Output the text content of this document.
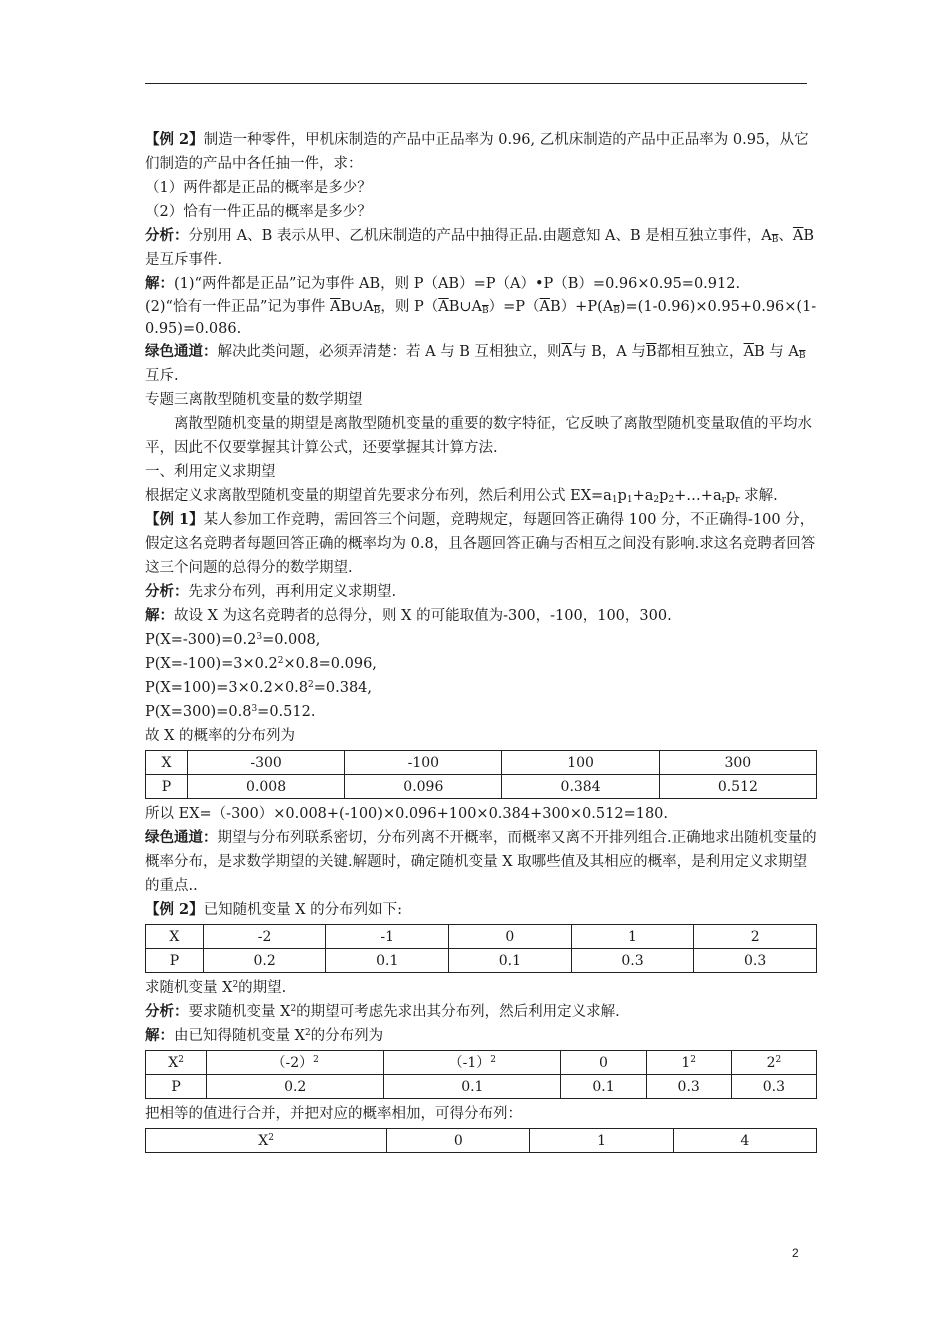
【例 2】制造一种零件，甲机床制造的产品中正品率为 0.96, 乙机床制造的产品中正品率为 0.95，从它们制造的产品中各任抽一件，求：

（1）两件都是正品的概率是多少？

（2）恰有一件正品的概率是多少？

分析：分别用 A、B 表示从甲、乙机床制造的产品中抽得正品.由题意知 A、B 是相互独立事件，$A_{\overline{B}}$、$\overline{A}B$ 是互斥事件.

解：(1)“两件都是正品”记为事件 AB，则 P（AB）=P（A）•P（B）=0.96×0.95=0.912.

(2)“恰有一件正品”记为事件 $\overline{A}B\cup A_{\overline{B}}$，则 $P(\overline{A}B\cup A_{\overline{B}})=P(\overline{A}B)+P(A_{\overline{B}})=(1-0.96)\times 0.95+0.96\times(1-0.95)=0.086$.

绿色通道：解决此类问题，必须弄清楚：若 A 与 B 互相独立，则$\overline{A}$与 B，A 与$\overline{B}$都相互独立，$\overline{A}B$ 与 $A_{\overline{B}}$互斥.

专题三离散型随机变量的数学期望

离散型随机变量的期望是离散型随机变量的重要的数字特征，它反映了离散型随机变量取值的平均水平，因此不仅要掌握其计算公式，还要掌握其计算方法.

一、利用定义求期望

根据定义求离散型随机变量的期望首先要求分布列，然后利用公式 $EX=a_1p_1+a_2p_2+\dots+a_rp_r$ 求解.

【例 1】某人参加工作竞聘，需回答三个问题，竞聘规定，每题回答正确得 100 分，不正确得-100 分，假定这名竞聘者每题回答正确的概率均为 0.8，且各题回答正确与否相互之间没有影响.求这名竞聘者回答这三个问题的总得分的数学期望.

分析：先求分布列，再利用定义求期望.

解：故设 X 为这名竞聘者的总得分，则 X 的可能取值为-300，-100，100，300.

$P(X=-300)=0.2^3=0.008$,

$P(X=-100)=3\times 0.2^2\times 0.8=0.096$,

$P(X=100)=3\times 0.2\times 0.8^2=0.384$,

$P(X=300)=0.8^3=0.512$.

故 X 的概率的分布列为

X	-300	-100	100	300
P	0.008	0.096	0.384	0.512

所以 EX=（-300）×0.008+(-100)×0.096+100×0.384+300×0.512=180.

绿色通道：期望与分布列联系密切，分布列离不开概率，而概率又离不开排列组合.正确地求出随机变量的概率分布，是求数学期望的关键.解题时，确定随机变量 X 取哪些值及其相应的概率，是利用定义求期望的重点..

【例 2】已知随机变量 X 的分布列如下:

X	-2	-1	0	1	2
P	0.2	0.1	0.1	0.3	0.3

求随机变量 $X^2$的期望.

分析：要求随机变量 $X^2$的期望可考虑先求出其分布列，然后利用定义求解.

解：由已知得随机变量 $X^2$的分布列为

$X^2$	$(-2)^2$	$(-1)^2$	0	$1^2$	$2^2$
P	0.2	0.1	0.1	0.3	0.3

把相等的值进行合并，并把对应的概率相加，可得分布列：

$X^2$	0	1	4
2
